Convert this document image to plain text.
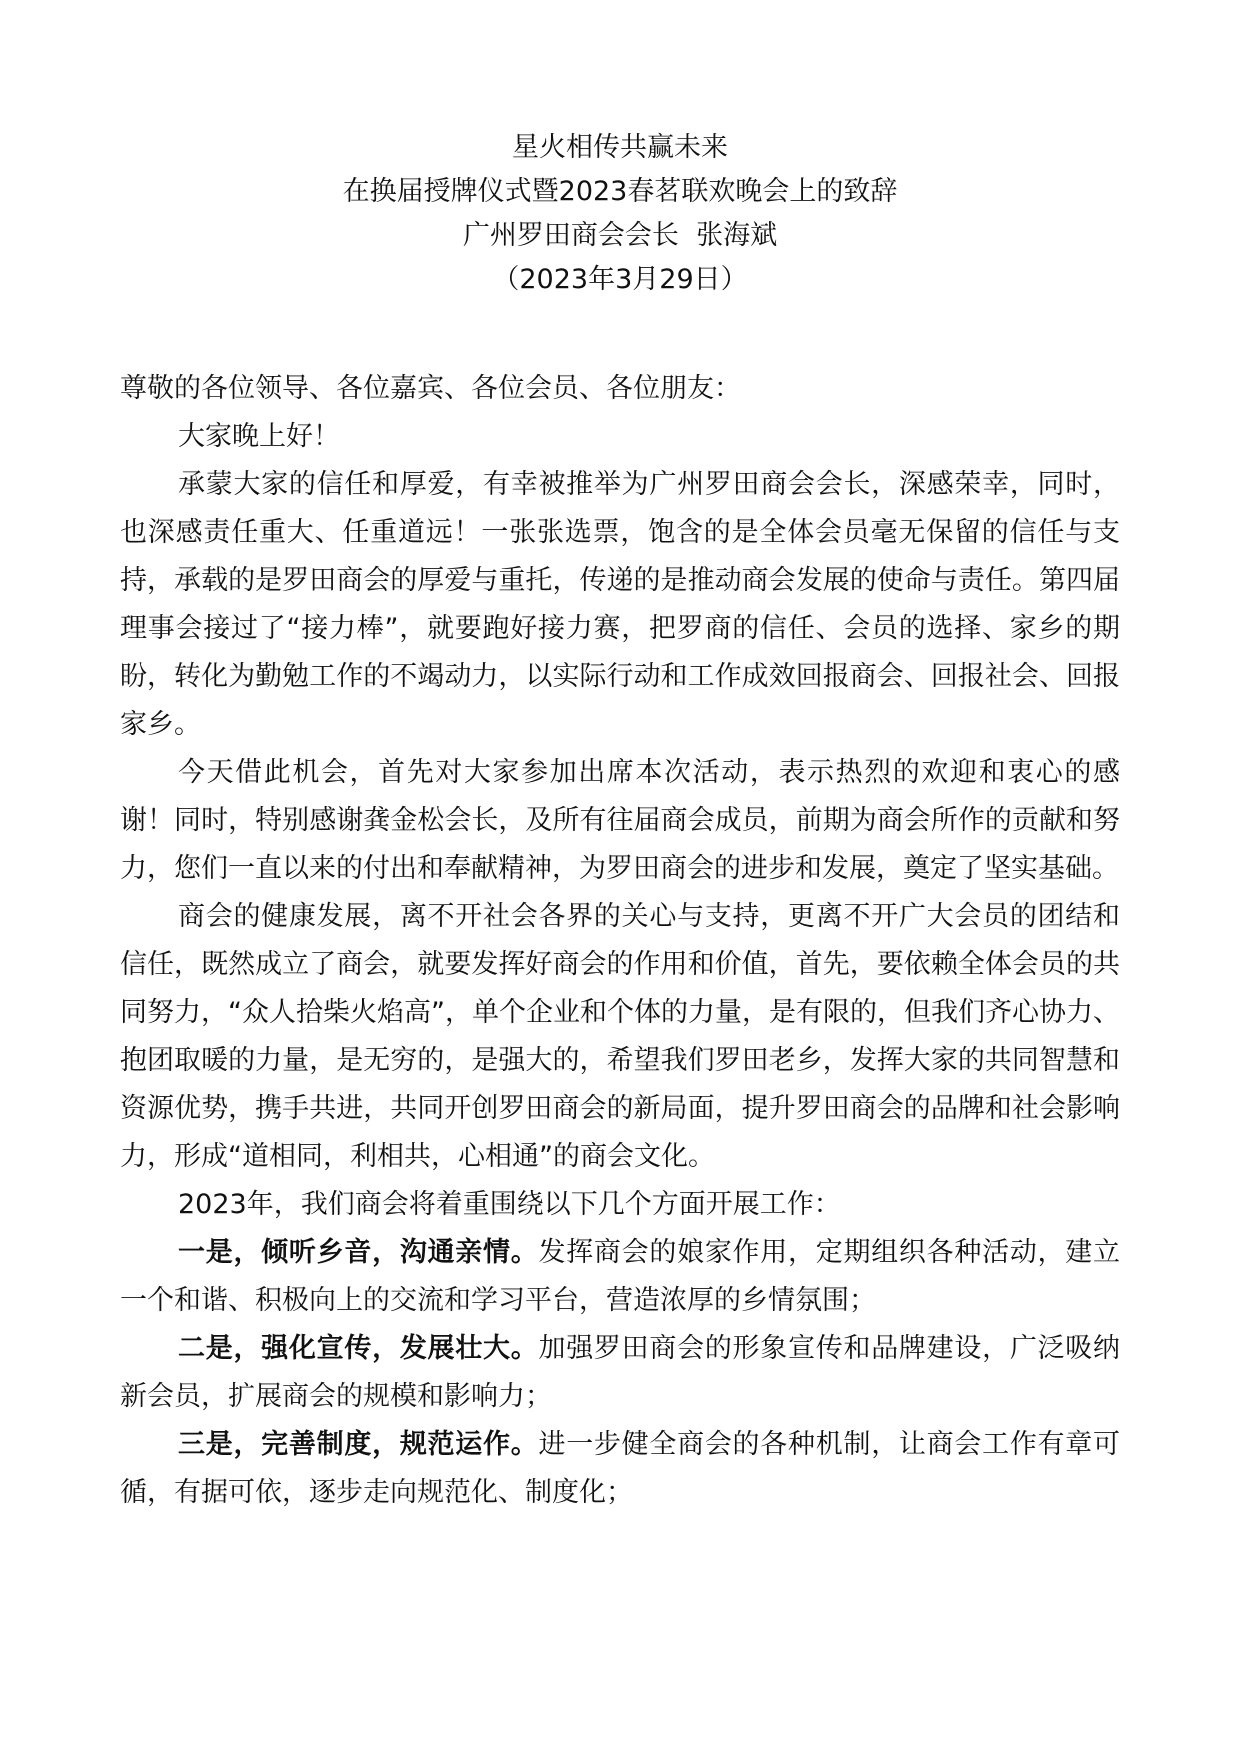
星火相传共赢未来
在换届授牌仪式暨2023春茗联欢晚会上的致辞
广州罗田商会会长  张海斌
（2023年3月29日）

尊敬的各位领导、各位嘉宾、各位会员、各位朋友：

大家晚上好！

承蒙大家的信任和厚爱，有幸被推举为广州罗田商会会长，深感荣幸，同时，也深感责任重大、任重道远！一张张选票，饱含的是全体会员毫无保留的信任与支持，承载的是罗田商会的厚爱与重托，传递的是推动商会发展的使命与责任。第四届理事会接过了“接力棒”，就要跑好接力赛，把罗商的信任、会员的选择、家乡的期盼，转化为勤勉工作的不竭动力，以实际行动和工作成效回报商会、回报社会、回报家乡。

今天借此机会，首先对大家参加出席本次活动，表示热烈的欢迎和衷心的感谢！同时，特别感谢龚金松会长，及所有往届商会成员，前期为商会所作的贡献和努力，您们一直以来的付出和奉献精神，为罗田商会的进步和发展，奠定了坚实基础。

商会的健康发展，离不开社会各界的关心与支持，更离不开广大会员的团结和信任，既然成立了商会，就要发挥好商会的作用和价值，首先，要依赖全体会员的共同努力，“众人拾柴火焰高”，单个企业和个体的力量，是有限的，但我们齐心协力、抱团取暖的力量，是无穷的，是强大的，希望我们罗田老乡，发挥大家的共同智慧和资源优势，携手共进，共同开创罗田商会的新局面，提升罗田商会的品牌和社会影响力，形成“道相同，利相共，心相通”的商会文化。

2023年，我们商会将着重围绕以下几个方面开展工作：

一是，倾听乡音，沟通亲情。发挥商会的娘家作用，定期组织各种活动，建立一个和谐、积极向上的交流和学习平台，营造浓厚的乡情氛围；

二是，强化宣传，发展壮大。加强罗田商会的形象宣传和品牌建设，广泛吸纳新会员，扩展商会的规模和影响力；

三是，完善制度，规范运作。进一步健全商会的各种机制，让商会工作有章可循，有据可依，逐步走向规范化、制度化；
